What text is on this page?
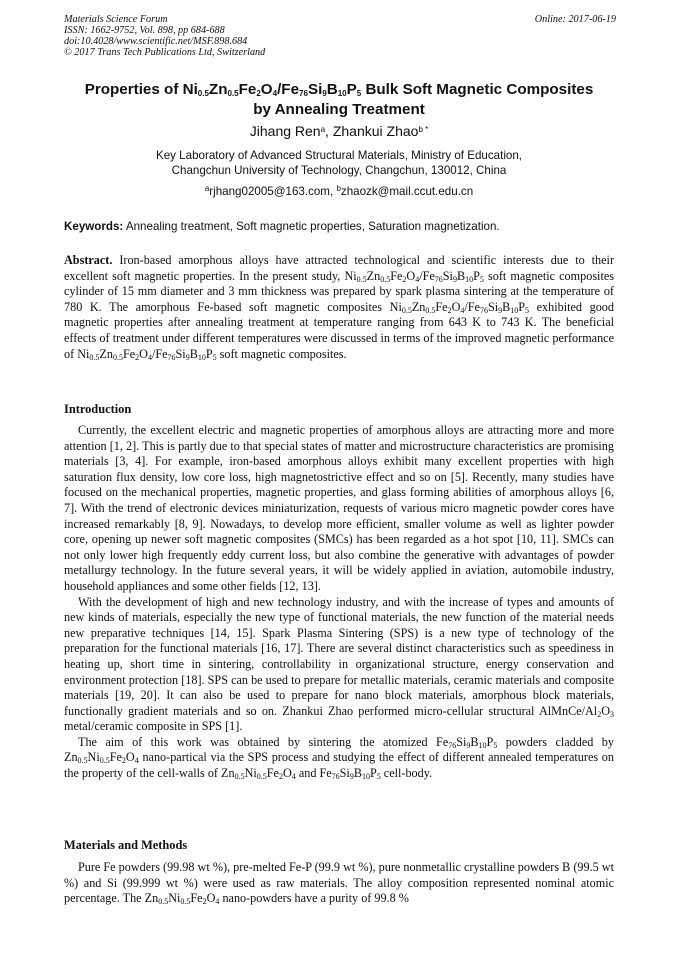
Materials Science Forum
ISSN: 1662-9752, Vol. 898, pp 684-688
doi:10.4028/www.scientific.net/MSF.898.684
© 2017 Trans Tech Publications Ltd, Switzerland
Online: 2017-06-19
Properties of $Ni_{0.5}Zn_{0.5}Fe_2O_4/Fe_{76}Si_9B_{10}P_5$ Bulk Soft Magnetic Composites
by Annealing Treatment
Jihang Ren$^a$, Zhankui Zhao$^{b *}$
Key Laboratory of Advanced Structural Materials, Ministry of Education,
Changchun University of Technology, Changchun, 130012, China
$^a$rjhang02005@163.com, $^b$zhaozk@mail.ccut.edu.cn
Keywords: Annealing treatment, Soft magnetic properties, Saturation magnetization.
Abstract. Iron-based amorphous alloys have attracted technological and scientific interests due to their excellent soft magnetic properties. In the present study, $Ni_{0.5}Zn_{0.5}Fe_2O_4/Fe_{76}Si_9B_{10}P_5$ soft magnetic composites cylinder of 15 mm diameter and 3 mm thickness was prepared by spark plasma sintering at the temperature of 780 K. The amorphous Fe-based soft magnetic composites $Ni_{0.5}Zn_{0.5}Fe_2O_4/Fe_{76}Si_9B_{10}P_5$ exhibited good magnetic properties after annealing treatment at temperature ranging from 643 K to 743 K. The beneficial effects of treatment under different temperatures were discussed in terms of the improved magnetic performance of $Ni_{0.5}Zn_{0.5}Fe_2O_4/Fe_{76}Si_9B_{10}P_5$ soft magnetic composites.
Introduction

Currently, the excellent electric and magnetic properties of amorphous alloys are attracting more and more attention [1, 2]. This is partly due to that special states of matter and microstructure characteristics are promising materials [3, 4]. For example, iron-based amorphous alloys exhibit many excellent properties with high saturation flux density, low core loss, high magnetostrictive effect and so on [5]. Recently, many studies have focused on the mechanical properties, magnetic properties, and glass forming abilities of amorphous alloys [6, 7]. With the trend of electronic devices miniaturization, requests of various micro magnetic powder cores have increased remarkably [8, 9]. Nowadays, to develop more efficient, smaller volume as well as lighter powder core, opening up newer soft magnetic composites (SMCs) has been regarded as a hot spot [10, 11]. SMCs can not only lower high frequently eddy current loss, but also combine the generative with advantages of powder metallurgy technology. In the future several years, it will be widely applied in aviation, automobile industry, household appliances and some other fields [12, 13].

With the development of high and new technology industry, and with the increase of types and amounts of new kinds of materials, especially the new type of functional materials, the new function of the material needs new preparative techniques [14, 15]. Spark Plasma Sintering (SPS) is a new type of technology of the preparation for the functional materials [16, 17]. There are several distinct characteristics such as speediness in heating up, short time in sintering, controllability in organizational structure, energy conservation and environment protection [18]. SPS can be used to prepare for metallic materials, ceramic materials and composite materials [19, 20]. It can also be used to prepare for nano block materials, amorphous block materials, functionally gradient materials and so on. Zhankui Zhao performed micro-cellular structural AlMnCe/$Al_2O_3$ metal/ceramic composite in SPS [1].

The aim of this work was obtained by sintering the atomized $Fe_{76}Si_9B_{10}P_5$ powders cladded by $Zn_{0.5}Ni_{0.5}Fe_2O_4$ nano-partical via the SPS process and studying the effect of different annealed temperatures on the property of the cell-walls of $Zn_{0.5}Ni_{0.5}Fe_2O_4$ and $Fe_{76}Si_9B_{10}P_5$ cell-body.

Materials and Methods

Pure Fe powders (99.98 wt %), pre-melted Fe-P (99.9 wt %), pure nonmetallic crystalline powders B (99.5 wt %) and Si (99.999 wt %) were used as raw materials. The alloy composition represented nominal atomic percentage. The $Zn_{0.5}Ni_{0.5}Fe_2O_4$ nano-powders have a purity of 99.8 %
